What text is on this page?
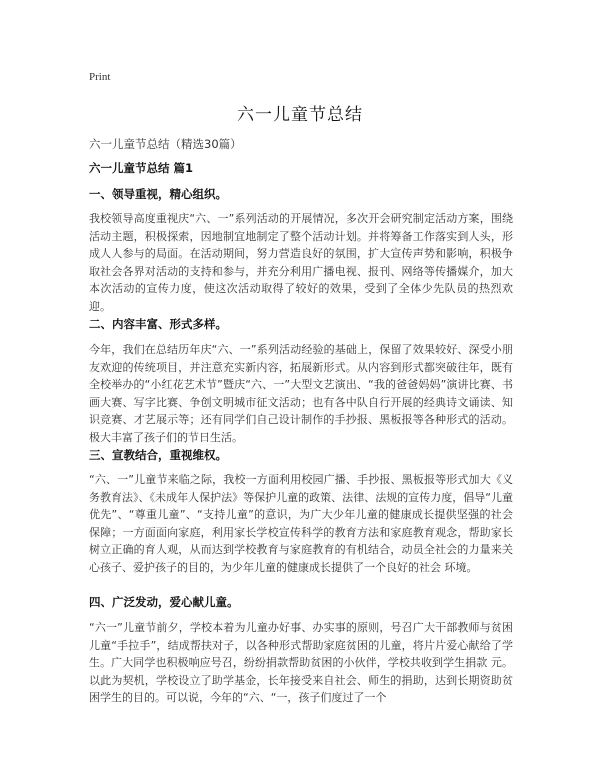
Print
六一儿童节总结
六一儿童节总结（精选30篇）
六一儿童节总结 篇1
一、领导重视，精心组织。

我校领导高度重视庆“六、一”系列活动的开展情况，多次开会研究制定活动方案，围绕活动主题，积极探索，因地制宜地制定了整个活动计划。并将筹备工作落实到人头，形成人人参与的局面。在活动期间，努力营造良好的氛围，扩大宣传声势和影响，积极争取社会各界对活动的支持和参与，并充分利用广播电视、报刊、网络等传播媒介，加大本次活动的宣传力度，使这次活动取得了较好的效果，受到了全体少先队员的热烈欢迎。

二、内容丰富、形式多样。

今年，我们在总结历年庆“六、一”系列活动经验的基础上，保留了效果较好、深受小朋友欢迎的传统项目，并注意充实新内容，拓展新形式。从内容到形式都突破往年，既有全校举办的“小红花艺术节”暨庆“六、一”大型文艺演出、“我的爸爸妈妈”演讲比赛、书画大赛、写字比赛、争创文明城市征文活动；也有各中队自行开展的经典诗文诵读、知识竞赛、才艺展示等；还有同学们自己设计制作的手抄报、黑板报等各种形式的活动。极大丰富了孩子们的节日生活。

三、宣教结合，重视维权。

“六、一”儿童节来临之际，我校一方面利用校园广播、手抄报、黑板报等形式加大《义务教育法》、《未成年人保护法》等保护儿童的政策、法律、法规的宣传力度，倡导“儿童优先”、“尊重儿童”、“支持儿童”的意识，为广大少年儿童的健康成长提供坚强的社会保障；一方面面向家庭，利用家长学校宣传科学的教育方法和家庭教育观念，帮助家长树立正确的育人观，从而达到学校教育与家庭教育的有机结合，动员全社会的力量来关心孩子、爱护孩子的目的，为少年儿童的健康成长提供了一个良好的社会 环境。

四、广泛发动，爱心献儿童。

“六一”儿童节前夕，学校本着为儿童办好事、办实事的原则，号召广大干部教师与贫困儿童“手拉手”，结成帮扶对子，以各种形式帮助家庭贫困的儿童，将片片爱心献给了学生。广大同学也积极响应号召，纷纷捐款帮助贫困的小伙伴，学校共收到学生捐款 元。以此为契机，学校设立了助学基金，长年接受来自社会、师生的捐助，达到长期资助贫困学生的目的。可以说，今年的“六、“一，孩子们度过了一个
